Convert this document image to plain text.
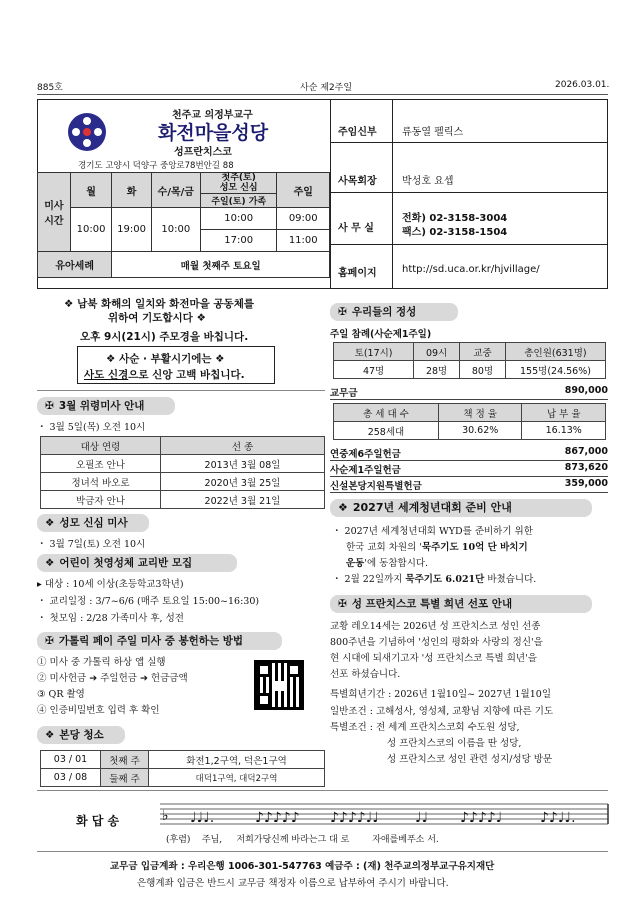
885호	사순 제2주일	2026.03.01.
천주교 의정부교구
화전마을성당
성프란치스코
경기도 고양시 덕양구 중앙로78번안길 88
주임신부	류동열 펠릭스
사목회장	박성호 요셉
사 무 실
전화) 02-3158-3004
팩스) 02-3158-1504
홈페이지	http://sd.uca.or.kr/hjvillage/
미사
시간	월	화	수/목/금	첫주(토)
성모 신심	주일
				주일(토) 가족	
	10:00	19:00	10:00	10:00	09:00
				17:00	11:00
유아세례		매월 첫째주 토요일			
❖ 남북 화해의 일치와 화전마을 공동체를
위하여 기도합시다 ❖
오후 9시(21시) 주모경을 바칩니다.
❖ 사순 · 부활시기에는 ❖
사도 신경으로 신앙 고백 바칩니다.
✠ 3월 위령미사 안내
・ 3월 5일(목) 오전 10시
대상 연령	선 종
오필조 안나	2013년 3월 08일
정녀석 바오로	2020년 3월 25일
박금자 안나	2022년 3월 21일
❖ 성모 신심 미사
・ 3월 7일(토) 오전 10시
❖ 어린이 첫영성체 교리반 모집
▸ 대상 : 10세 이상(초등학교3학년)
・ 교리일정 : 3/7~6/6 (매주 토요일 15:00~16:30)
・ 첫모임 : 2/28 가족미사 후, 성전
✠ 가톨릭 페이 주일 미사 중 봉헌하는 방법
① 미사 중 가톨릭 하상 앱 실행
② 미사헌금 ➔ 주일헌금 ➔ 헌금금액
③ QR 촬영
④ 인증비밀번호 입력 후 확인
❖ 본당 청소
03 / 01	첫째 주	화전1,2구역, 덕은1구역
03 / 08	둘째 주	대덕1구역, 대덕2구역
✠ 우리들의 정성
주일 참례(사순제1주일)
토(17시)	09시	교중	총인원(631명)
47명	28명	80명	155명(24.56%)
교무금	890,000
총 세 대 수	책 정 율	납 부 율
258세대	30.62%	16.13%
연중제6주일헌금	867,000
사순제1주일헌금	873,620
신설본당지원특별헌금	359,000
❖ 2027년 세계청년대회 준비 안내
・ 2027년 세계청년대회 WYD를 준비하기 위한
한국 교회 차원의 '묵주기도 10억 단 바치기
운동'에 동참합시다.
・ 2월 22일까지 묵주기도 6.021단 바쳤습니다.
✠ 성 프란치스코 특별 희년 선포 안내
교황 레오14세는 2026년 성 프란치스코 성인 선종
800주년을 기념하여 '성인의 평화와 사랑의 정신'을
현 시대에 되새기고자 '성 프란치스코 특별 희년'을
선포 하셨습니다.
특별희년기간 : 2026년 1월10일~ 2027년 1월10일
일반조건 : 고해성사, 영성체, 교황님 지향에 따른 기도
특별조건 : 전 세계 프란치스코회 수도원 성당,
성 프란치스코의 이름을 딴 성당,
성 프란치스코 성인 관련 성지/성당 방문
화 답 송	♭ ♩♩♩.	♪♪♪♪♪ ♪♪♪♪♩♩	♩♩ ♪♪♪♪♩	♪♪♩♩.
(후렴)    주님,     저희가당신께 바라는그 대 로        자애를베푸소 서.
교무금 입금계좌 : 우리은행 1006-301-547763 예금주 : (재) 천주교의정부교구유지재단
은행계좌 입금은 반드시 교무금 책정자 이름으로 납부하여 주시기 바랍니다.
